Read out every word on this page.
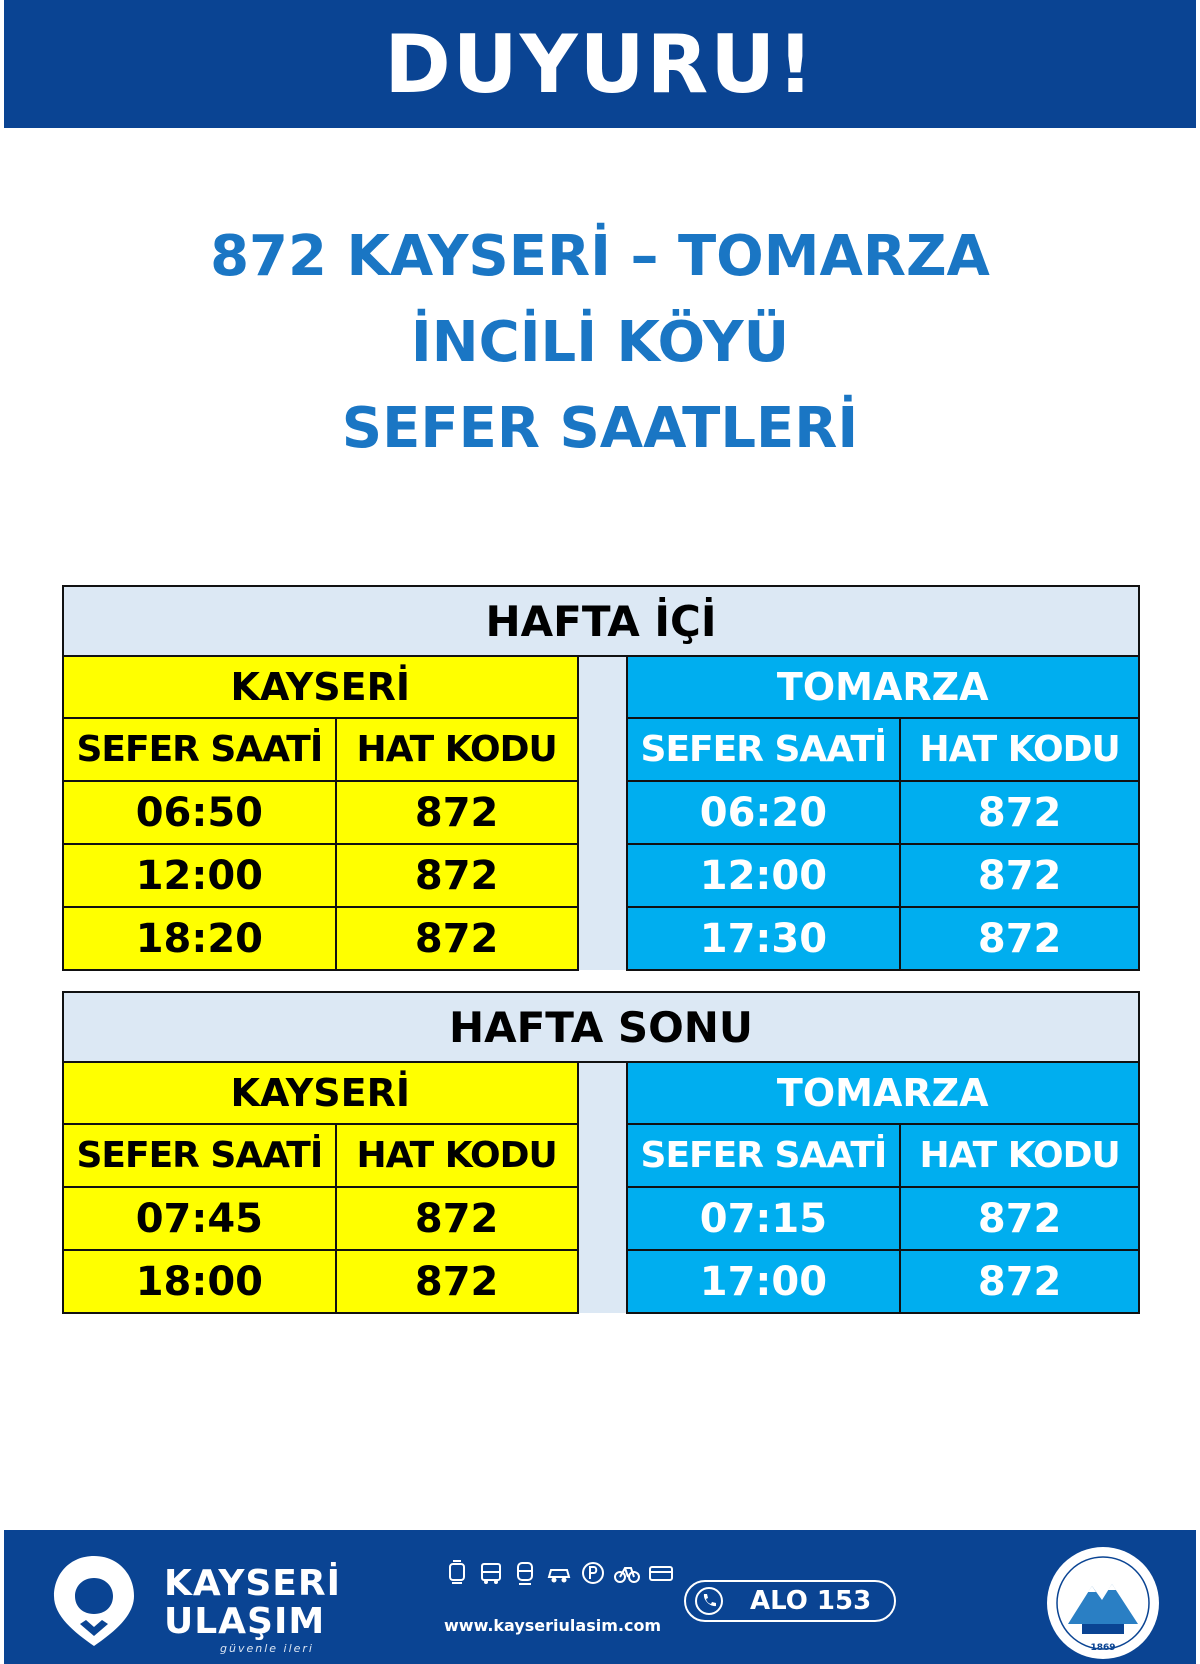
DUYURU!
872 KAYSERİ – TOMARZA
İNCİLİ KÖYÜ
SEFER SAATLERİ
HAFTA İÇİ				
KAYSERİ			TOMARZA	
SEFER SAATİ	HAT KODU		SEFER SAATİ	HAT KODU
06:50	872		06:20	872
12:00	872		12:00	872
18:20	872		17:30	872
HAFTA SONU				
KAYSERİ			TOMARZA	
SEFER SAATİ	HAT KODU		SEFER SAATİ	HAT KODU
07:45	872		07:15	872
18:00	872		17:00	872
KAYSERİ
ULAŞIM
güvenle ileri
www.kayseriulasim.com
ALO 153
1869
